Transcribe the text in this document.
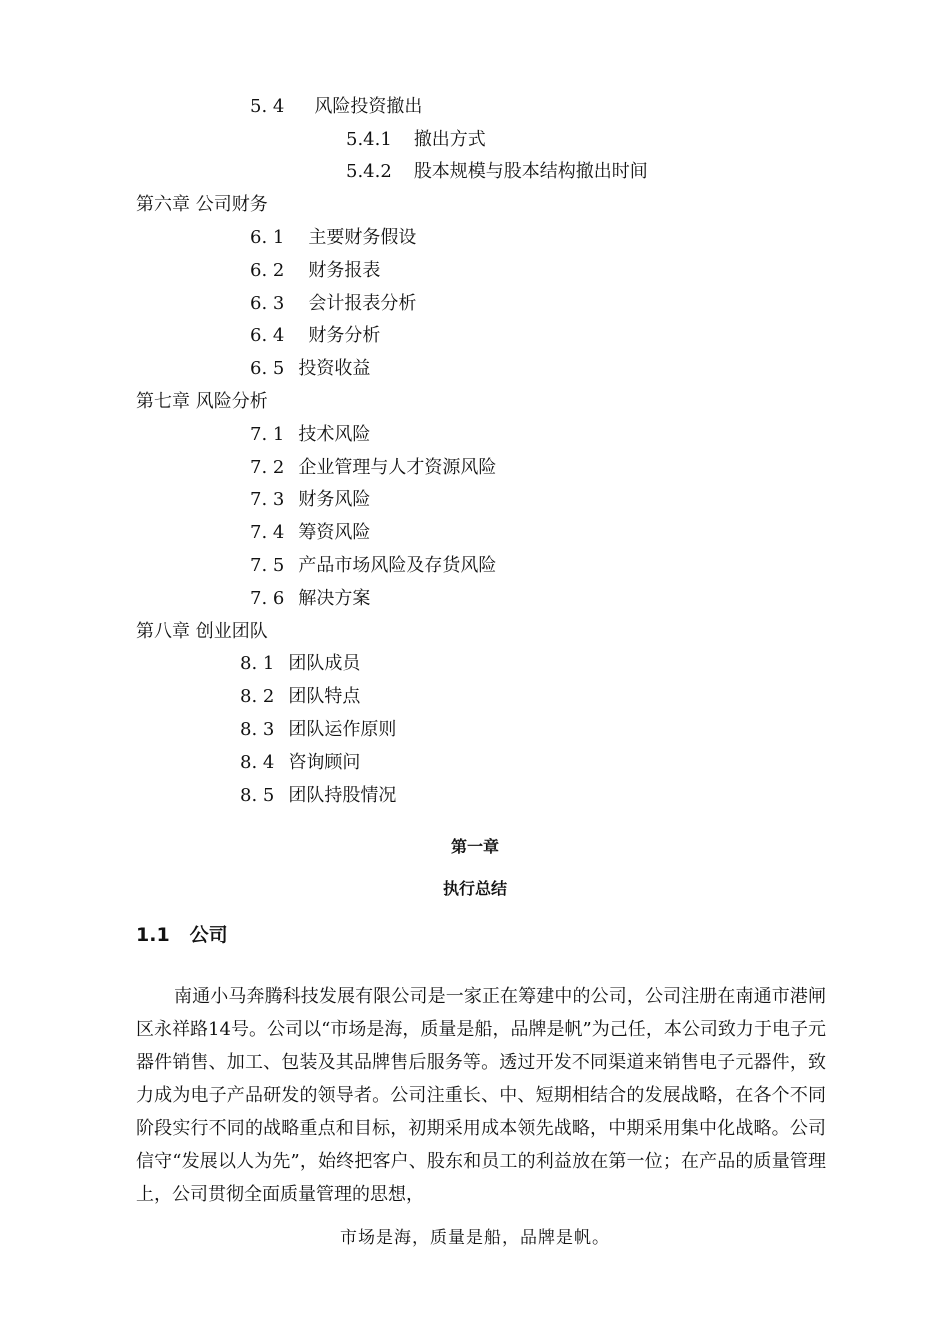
5. 4 风险投资撤出
5.4.1 撤出方式
5.4.2 股本规模与股本结构撤出时间
第六章 公司财务
6. 1 主要财务假设
6. 2 财务报表
6. 3 会计报表分析
6. 4 财务分析
6. 5 投资收益
第七章 风险分析
7. 1 技术风险
7. 2 企业管理与人才资源风险
7. 3 财务风险
7. 4 筹资风险
7. 5 产品市场风险及存货风险
7. 6 解决方案
第八章 创业团队
8. 1 团队成员
8. 2 团队特点
8. 3 团队运作原则
8. 4 咨询顾问
8. 5 团队持股情况
第一章
执行总结
1.1 公司
南通小马奔腾科技发展有限公司是一家正在筹建中的公司，公司注册在南通市港闸区永祥路14号。公司以“市场是海，质量是船，品牌是帆”为己任，本公司致力于电子元器件销售、加工、包装及其品牌售后服务等。透过开发不同渠道来销售电子元器件，致力成为电子产品研发的领导者。公司注重长、中、短期相结合的发展战略，在各个不同阶段实行不同的战略重点和目标，初期采用成本领先战略，中期采用集中化战略。公司信守“发展以人为先”，始终把客户、股东和员工的利益放在第一位；在产品的质量管理上，公司贯彻全面质量管理的思想，
市场是海，质量是船，品牌是帆。
